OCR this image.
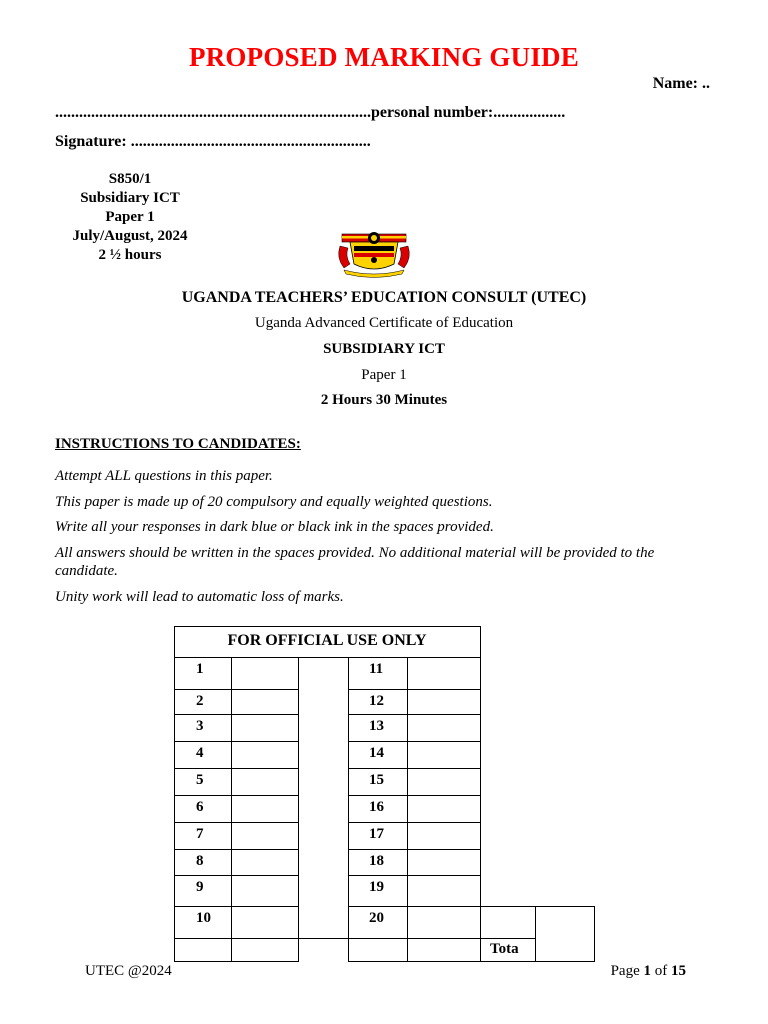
PROPOSED MARKING GUIDE
Name: ..
...............................................................................personal number:..................
Signature: ............................................................
S850/1
Subsidiary ICT
Paper 1
July/August, 2024
2 ½ hours
UGANDA TEACHERS’ EDUCATION CONSULT (UTEC)
Uganda Advanced Certificate of Education
SUBSIDIARY ICT
Paper 1
2 Hours 30 Minutes
INSTRUCTIONS TO CANDIDATES:
Attempt ALL questions in this paper.
This paper is made up of 20 compulsory and equally weighted questions.
Write all your responses in dark blue or black ink in the spaces provided.
All answers should be written in the spaces provided. No additional material will be provided to the candidate.
Unity work will lead to automatic loss of marks.
FOR OFFICIAL USE ONLY
1	11
2	12
3	13
4	14
5	15
6	16
7	17
8	18
9	19
10	20
Tota
UTEC @2024	Page 1 of 15
